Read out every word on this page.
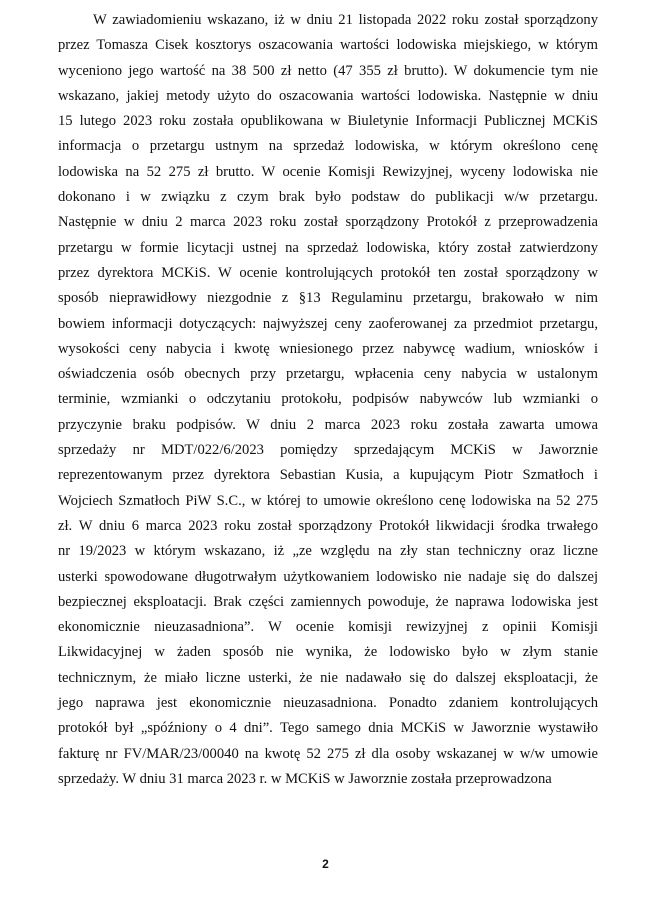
W zawiadomieniu wskazano, iż w dniu 21 listopada 2022 roku został sporządzony
przez Tomasza Cisek kosztorys oszacowania wartości lodowiska miejskiego, w którym
wyceniono jego wartość na 38 500 zł netto (47 355 zł brutto). W dokumencie tym nie
wskazano, jakiej metody użyto do oszacowania wartości lodowiska. Następnie w dniu
15 lutego 2023 roku została opublikowana w Biuletynie Informacji Publicznej MCKiS
informacja o przetargu ustnym na sprzedaż lodowiska, w którym określono cenę
lodowiska na 52 275 zł brutto. W ocenie Komisji Rewizyjnej, wyceny lodowiska nie
dokonano i w związku z czym brak było podstaw do publikacji w/w przetargu.
Następnie w dniu 2 marca 2023 roku został sporządzony Protokół z przeprowadzenia
przetargu w formie licytacji ustnej na sprzedaż lodowiska, który został zatwierdzony
przez dyrektora MCKiS. W ocenie kontrolujących protokół ten został sporządzony w
sposób nieprawidłowy niezgodnie z §13 Regulaminu przetargu, brakowało w nim
bowiem informacji dotyczących: najwyższej ceny zaoferowanej za przedmiot przetargu,
wysokości ceny nabycia i kwotę wniesionego przez nabywcę wadium, wniosków i
oświadczenia osób obecnych przy przetargu, wpłacenia ceny nabycia w ustalonym
terminie, wzmianki o odczytaniu protokołu, podpisów nabywców lub wzmianki o
przyczynie braku podpisów. W dniu 2 marca 2023 roku została zawarta umowa
sprzedaży nr MDT/022/6/2023 pomiędzy sprzedającym MCKiS w Jaworznie
reprezentowanym przez dyrektora Sebastian Kusia, a kupującym Piotr Szmatłoch i
Wojciech Szmatłoch PiW S.C., w której to umowie określono cenę lodowiska na 52 275
zł. W dniu 6 marca 2023 roku został sporządzony Protokół likwidacji środka trwałego
nr 19/2023 w którym wskazano, iż „ze względu na zły stan techniczny oraz liczne
usterki spowodowane długotrwałym użytkowaniem lodowisko nie nadaje się do dalszej
bezpiecznej eksploatacji. Brak części zamiennych powoduje, że naprawa lodowiska jest
ekonomicznie nieuzasadniona”. W ocenie komisji rewizyjnej z opinii Komisji
Likwidacyjnej w żaden sposób nie wynika, że lodowisko było w złym stanie
technicznym, że miało liczne usterki, że nie nadawało się do dalszej eksploatacji, że
jego naprawa jest ekonomicznie nieuzasadniona. Ponadto zdaniem kontrolujących
protokół był „spóźniony o 4 dni”. Tego samego dnia MCKiS w Jaworznie wystawiło
fakturę nr FV/MAR/23/00040 na kwotę 52 275 zł dla osoby wskazanej w w/w umowie
sprzedaży. W dniu 31 marca 2023 r. w MCKiS w Jaworznie została przeprowadzona
2
